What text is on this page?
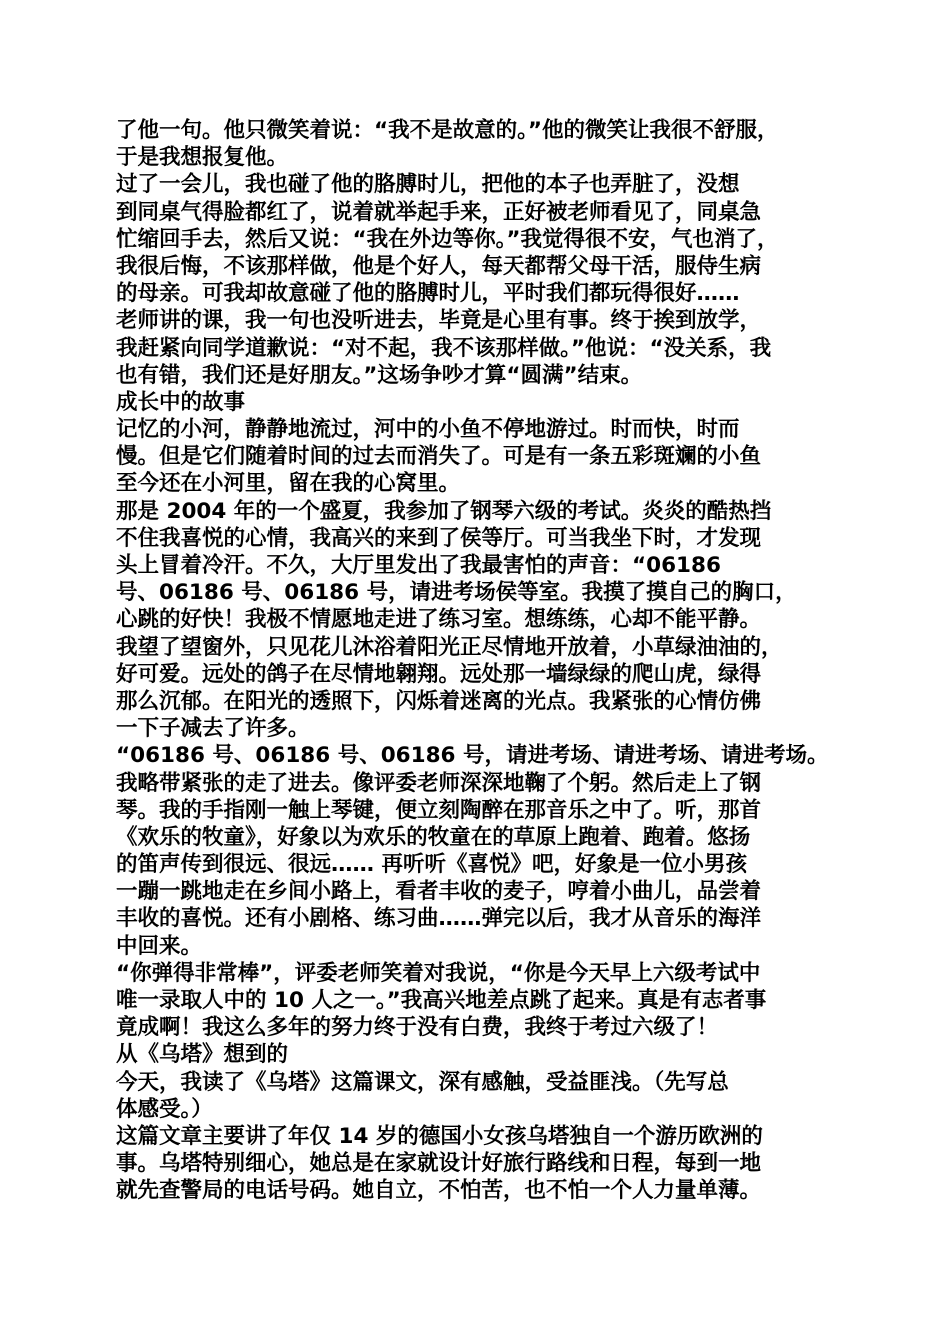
了他一句。他只微笑着说：“我不是故意的。”他的微笑让我很不舒服，
于是我想报复他。
过了一会儿，我也碰了他的胳膊时儿，把他的本子也弄脏了，没想
到同桌气得脸都红了，说着就举起手来，正好被老师看见了，同桌急
忙缩回手去，然后又说：“我在外边等你。”我觉得很不安，气也消了，
我很后悔，不该那样做，他是个好人，每天都帮父母干活，服侍生病
的母亲。可我却故意碰了他的胳膊时儿，平时我们都玩得很好……
老师讲的课，我一句也没听进去，毕竟是心里有事。终于挨到放学，
我赶紧向同学道歉说：“对不起，我不该那样做。”他说：“没关系，我
也有错，我们还是好朋友。”这场争吵才算“圆满”结束。
成长中的故事
记忆的小河，静静地流过，河中的小鱼不停地游过。时而快，时而
慢。但是它们随着时间的过去而消失了。可是有一条五彩斑斓的小鱼
至今还在小河里，留在我的心窝里。
那是 2004 年的一个盛夏，我参加了钢琴六级的考试。炎炎的酷热挡
不住我喜悦的心情，我高兴的来到了侯等厅。可当我坐下时，才发现
头上冒着冷汗。不久，大厅里发出了我最害怕的声音：“06186
号、06186 号、06186 号，请进考场侯等室。我摸了摸自己的胸口，
心跳的好快！我极不情愿地走进了练习室。想练练，心却不能平静。
我望了望窗外，只见花儿沐浴着阳光正尽情地开放着，小草绿油油的，
好可爱。远处的鸽子在尽情地翱翔。远处那一墙绿绿的爬山虎，绿得
那么沉郁。在阳光的透照下，闪烁着迷离的光点。我紧张的心情仿佛
一下子减去了许多。
“06186 号、06186 号、06186 号，请进考场、请进考场、请进考场。
我略带紧张的走了进去。像评委老师深深地鞠了个躬。然后走上了钢
琴。我的手指刚一触上琴键，便立刻陶醉在那音乐之中了。听，那首
《欢乐的牧童》，好象以为欢乐的牧童在的草原上跑着、跑着。悠扬
的笛声传到很远、很远…… 再听听《喜悦》吧，好象是一位小男孩
一蹦一跳地走在乡间小路上，看者丰收的麦子，哼着小曲儿，品尝着
丰收的喜悦。还有小剧格、练习曲……弹完以后，我才从音乐的海洋
中回来。
“你弹得非常棒”，评委老师笑着对我说，“你是今天早上六级考试中
唯一录取人中的 10 人之一。”我高兴地差点跳了起来。真是有志者事
竟成啊！我这么多年的努力终于没有白费，我终于考过六级了！
从《乌塔》想到的
今天，我读了《乌塔》这篇课文，深有感触，受益匪浅。（先写总
体感受。）
这篇文章主要讲了年仅 14 岁的德国小女孩乌塔独自一个游历欧洲的
事。乌塔特别细心，她总是在家就设计好旅行路线和日程，每到一地
就先查警局的电话号码。她自立，不怕苦，也不怕一个人力量单薄。
